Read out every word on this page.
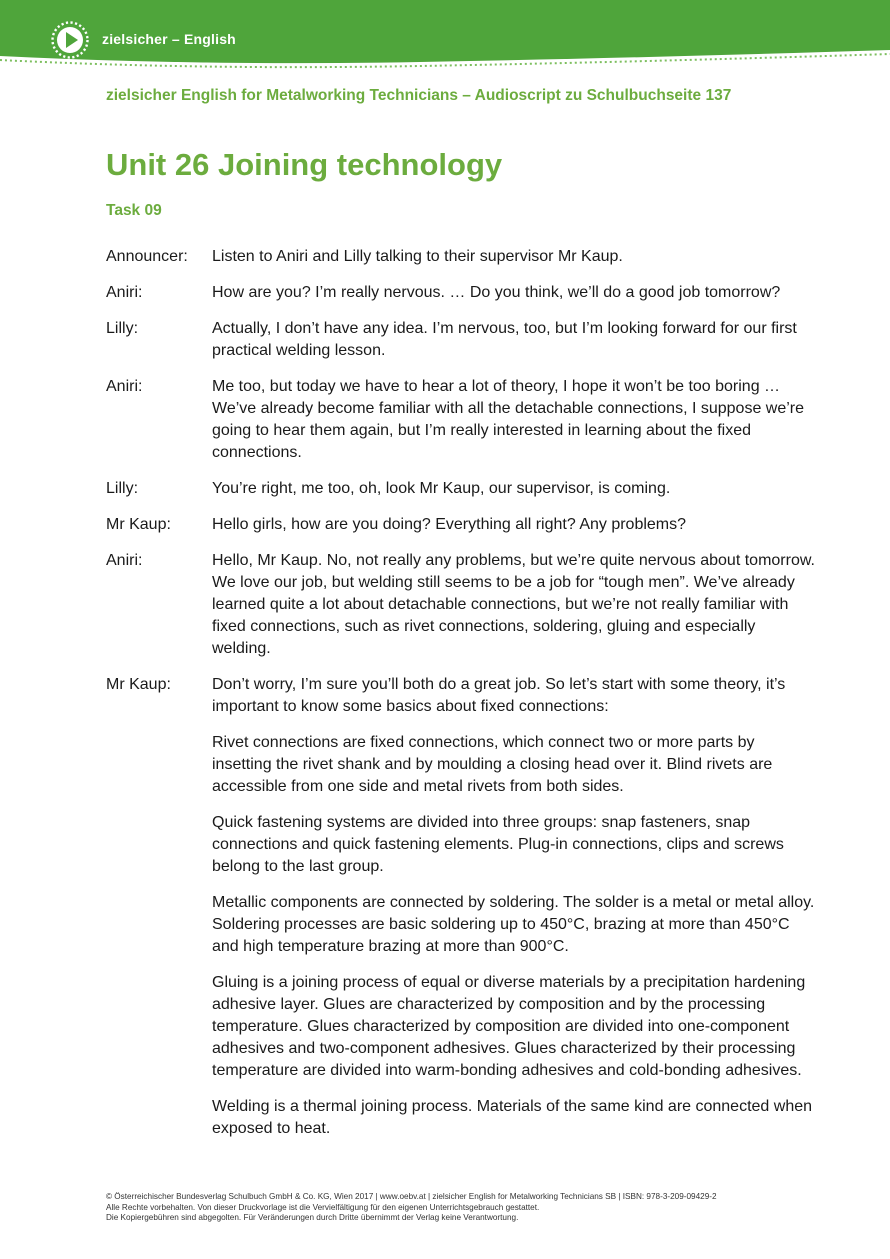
zielsicher – English
zielsicher English for Metalworking Technicians – Audioscript zu Schulbuchseite 137
Unit 26 Joining technology
Task 09
Announcer:	Listen to Aniri and Lilly talking to their supervisor Mr Kaup.

Aniri:	How are you? I’m really nervous. … Do you think, we’ll do a good job tomorrow?

Lilly:	Actually, I don’t have any idea. I’m nervous, too, but I’m looking forward for our first practical welding lesson.

Aniri:	Me too, but today we have to hear a lot of theory, I hope it won’t be too boring … We’ve already become familiar with all the detachable connections, I suppose we’re going to hear them again, but I’m really interested in learning about the fixed connections.

Lilly:	You’re right, me too, oh, look Mr Kaup, our supervisor, is coming.

Mr Kaup:	Hello girls, how are you doing? Everything all right? Any problems?

Aniri:	Hello, Mr Kaup. No, not really any problems, but we’re quite nervous about tomorrow. We love our job, but welding still seems to be a job for “tough men”. We’ve already learned quite a lot about detachable connections, but we’re not really familiar with fixed connections, such as rivet connections, soldering, gluing and especially welding.

Mr Kaup:	Don’t worry, I’m sure you’ll both do a great job. So let’s start with some theory, it’s important to know some basics about fixed connections:

Rivet connections are fixed connections, which connect two or more parts by insetting the rivet shank and by moulding a closing head over it. Blind rivets are accessible from one side and metal rivets from both sides.

Quick fastening systems are divided into three groups: snap fasteners, snap connections and quick fastening elements. Plug-in connections, clips and screws belong to the last group.

Metallic components are connected by soldering. The solder is a metal or metal alloy. Soldering processes are basic soldering up to 450°C, brazing at more than 450°C and high temperature brazing at more than 900°C.

Gluing is a joining process of equal or diverse materials by a precipitation hardening adhesive layer. Glues are characterized by composition and by the processing temperature. Glues characterized by composition are divided into one-component adhesives and two-component adhesives. Glues characterized by their processing temperature are divided into warm-bonding adhesives and cold-bonding adhesives.

Welding is a thermal joining process. Materials of the same kind are connected when exposed to heat.

© Österreichischer Bundesverlag Schulbuch GmbH & Co. KG, Wien 2017 | www.oebv.at | zielsicher English for Metalworking Technicians SB | ISBN: 978-3-209-09429-2
Alle Rechte vorbehalten. Von dieser Druckvorlage ist die Vervielfältigung für den eigenen Unterrichtsgebrauch gestattet.
Die Kopiergebühren sind abgegolten. Für Veränderungen durch Dritte übernimmt der Verlag keine Verantwortung.
